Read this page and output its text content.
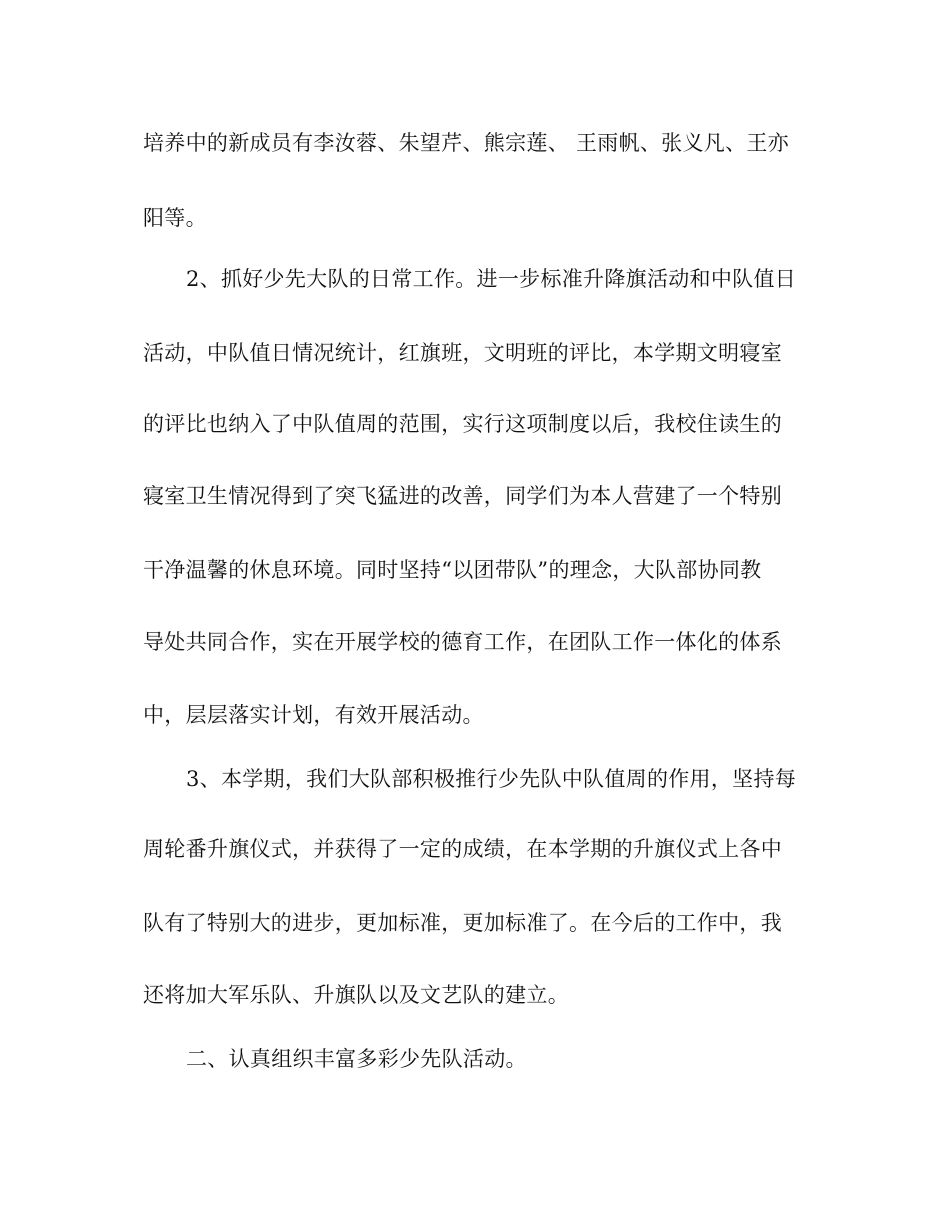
培养中的新成员有李汝蓉、朱望芹、熊宗莲、 王雨帆、张义凡、王亦
阳等。
2、抓好少先大队的日常工作。进一步标准升降旗活动和中队值日
活动，中队值日情况统计，红旗班，文明班的评比，本学期文明寝室
的评比也纳入了中队值周的范围，实行这项制度以后，我校住读生的
寝室卫生情况得到了突飞猛进的改善，同学们为本人营建了一个特别
干净温馨的休息环境。同时坚持“以团带队”的理念，大队部协同教
导处共同合作，实在开展学校的德育工作，在团队工作一体化的体系
中，层层落实计划，有效开展活动。
3、本学期，我们大队部积极推行少先队中队值周的作用，坚持每
周轮番升旗仪式，并获得了一定的成绩，在本学期的升旗仪式上各中
队有了特别大的进步，更加标准，更加标准了。在今后的工作中，我
还将加大军乐队、升旗队以及文艺队的建立。
二、认真组织丰富多彩少先队活动。
